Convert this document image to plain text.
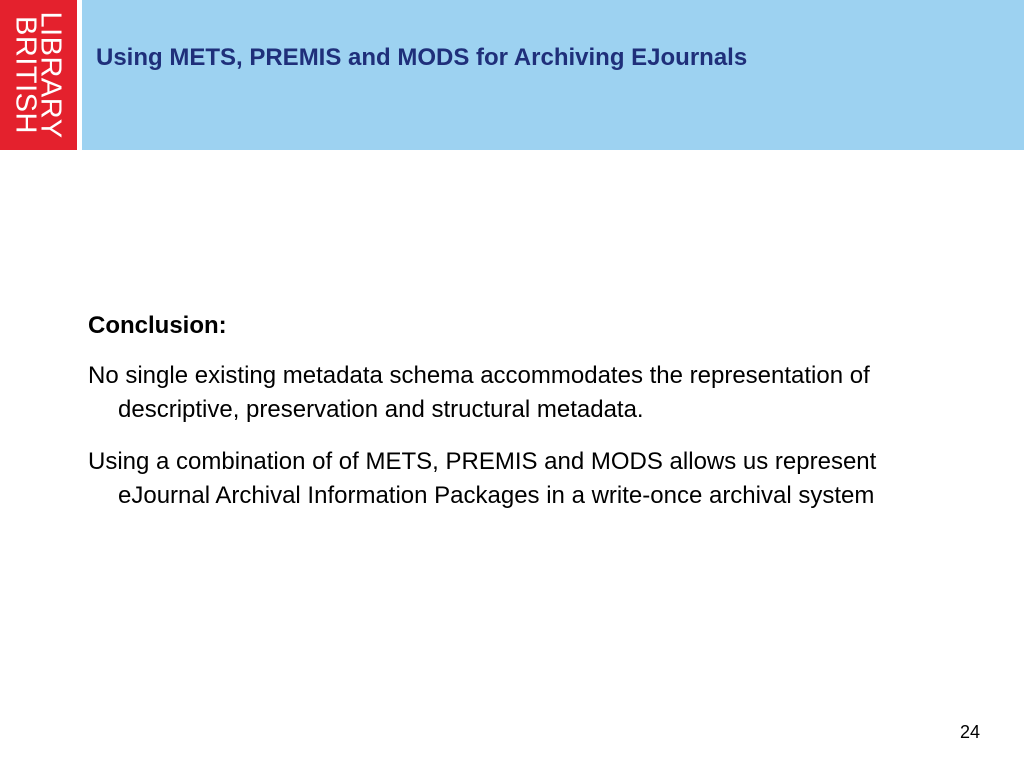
BRITISH
LIBRARY Using METS, PREMIS and MODS for Archiving EJournals

Conclusion:

No single existing metadata schema accommodates the representation of descriptive, preservation and structural metadata.

Using a combination of of METS, PREMIS and MODS allows us represent eJournal Archival Information Packages in a write-once archival system

24
